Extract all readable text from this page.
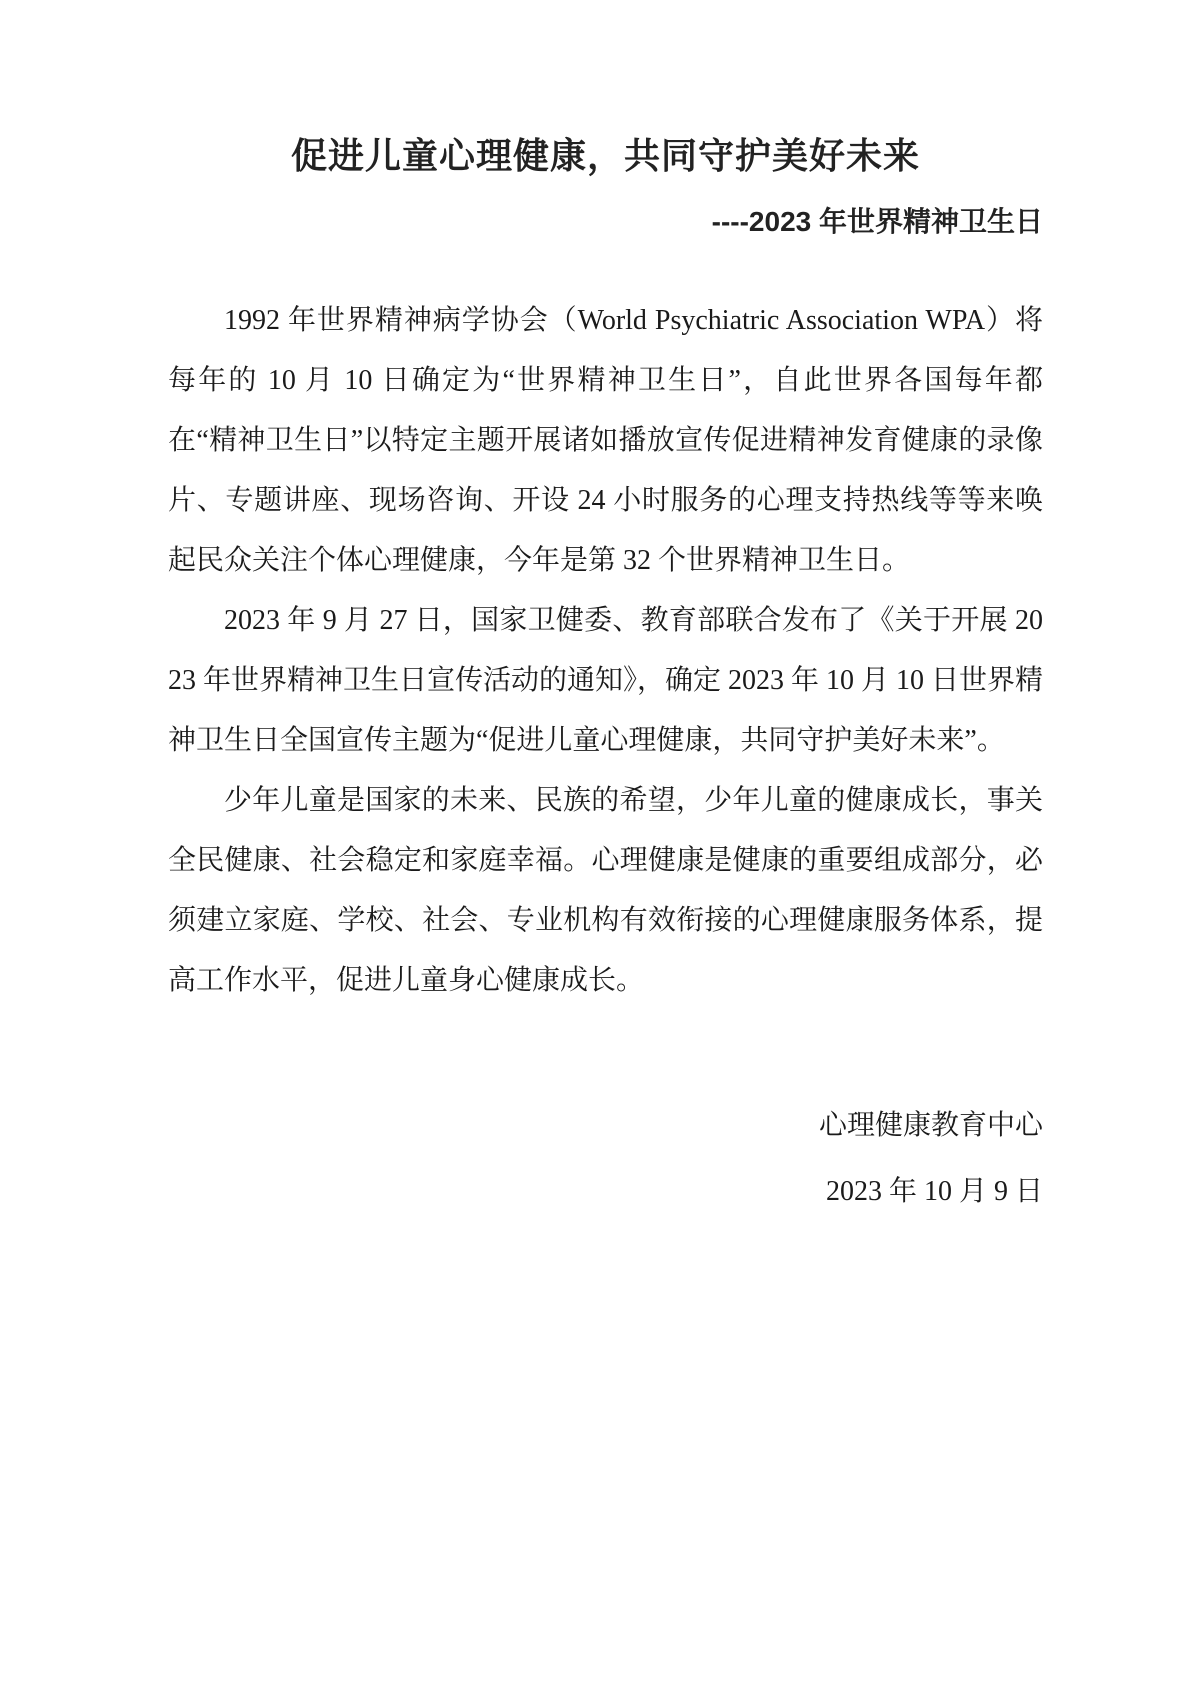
促进儿童心理健康，共同守护美好未来
----2023 年世界精神卫生日

1992 年世界精神病学协会（World Psychiatric Association WPA）将每年的 10 月 10 日确定为“世界精神卫生日”，自此世界各国每年都在“精神卫生日”以特定主题开展诸如播放宣传促进精神发育健康的录像片、专题讲座、现场咨询、开设 24 小时服务的心理支持热线等等来唤起民众关注个体心理健康，今年是第 32 个世界精神卫生日。

2023 年 9 月 27 日，国家卫健委、教育部联合发布了《关于开展 2023 年世界精神卫生日宣传活动的通知》，确定 2023 年 10 月 10 日世界精神卫生日全国宣传主题为“促进儿童心理健康，共同守护美好未来”。

少年儿童是国家的未来、民族的希望，少年儿童的健康成长，事关全民健康、社会稳定和家庭幸福。心理健康是健康的重要组成部分，必须建立家庭、学校、社会、专业机构有效衔接的心理健康服务体系，提高工作水平，促进儿童身心健康成长。

心理健康教育中心
2023 年 10 月 9 日
